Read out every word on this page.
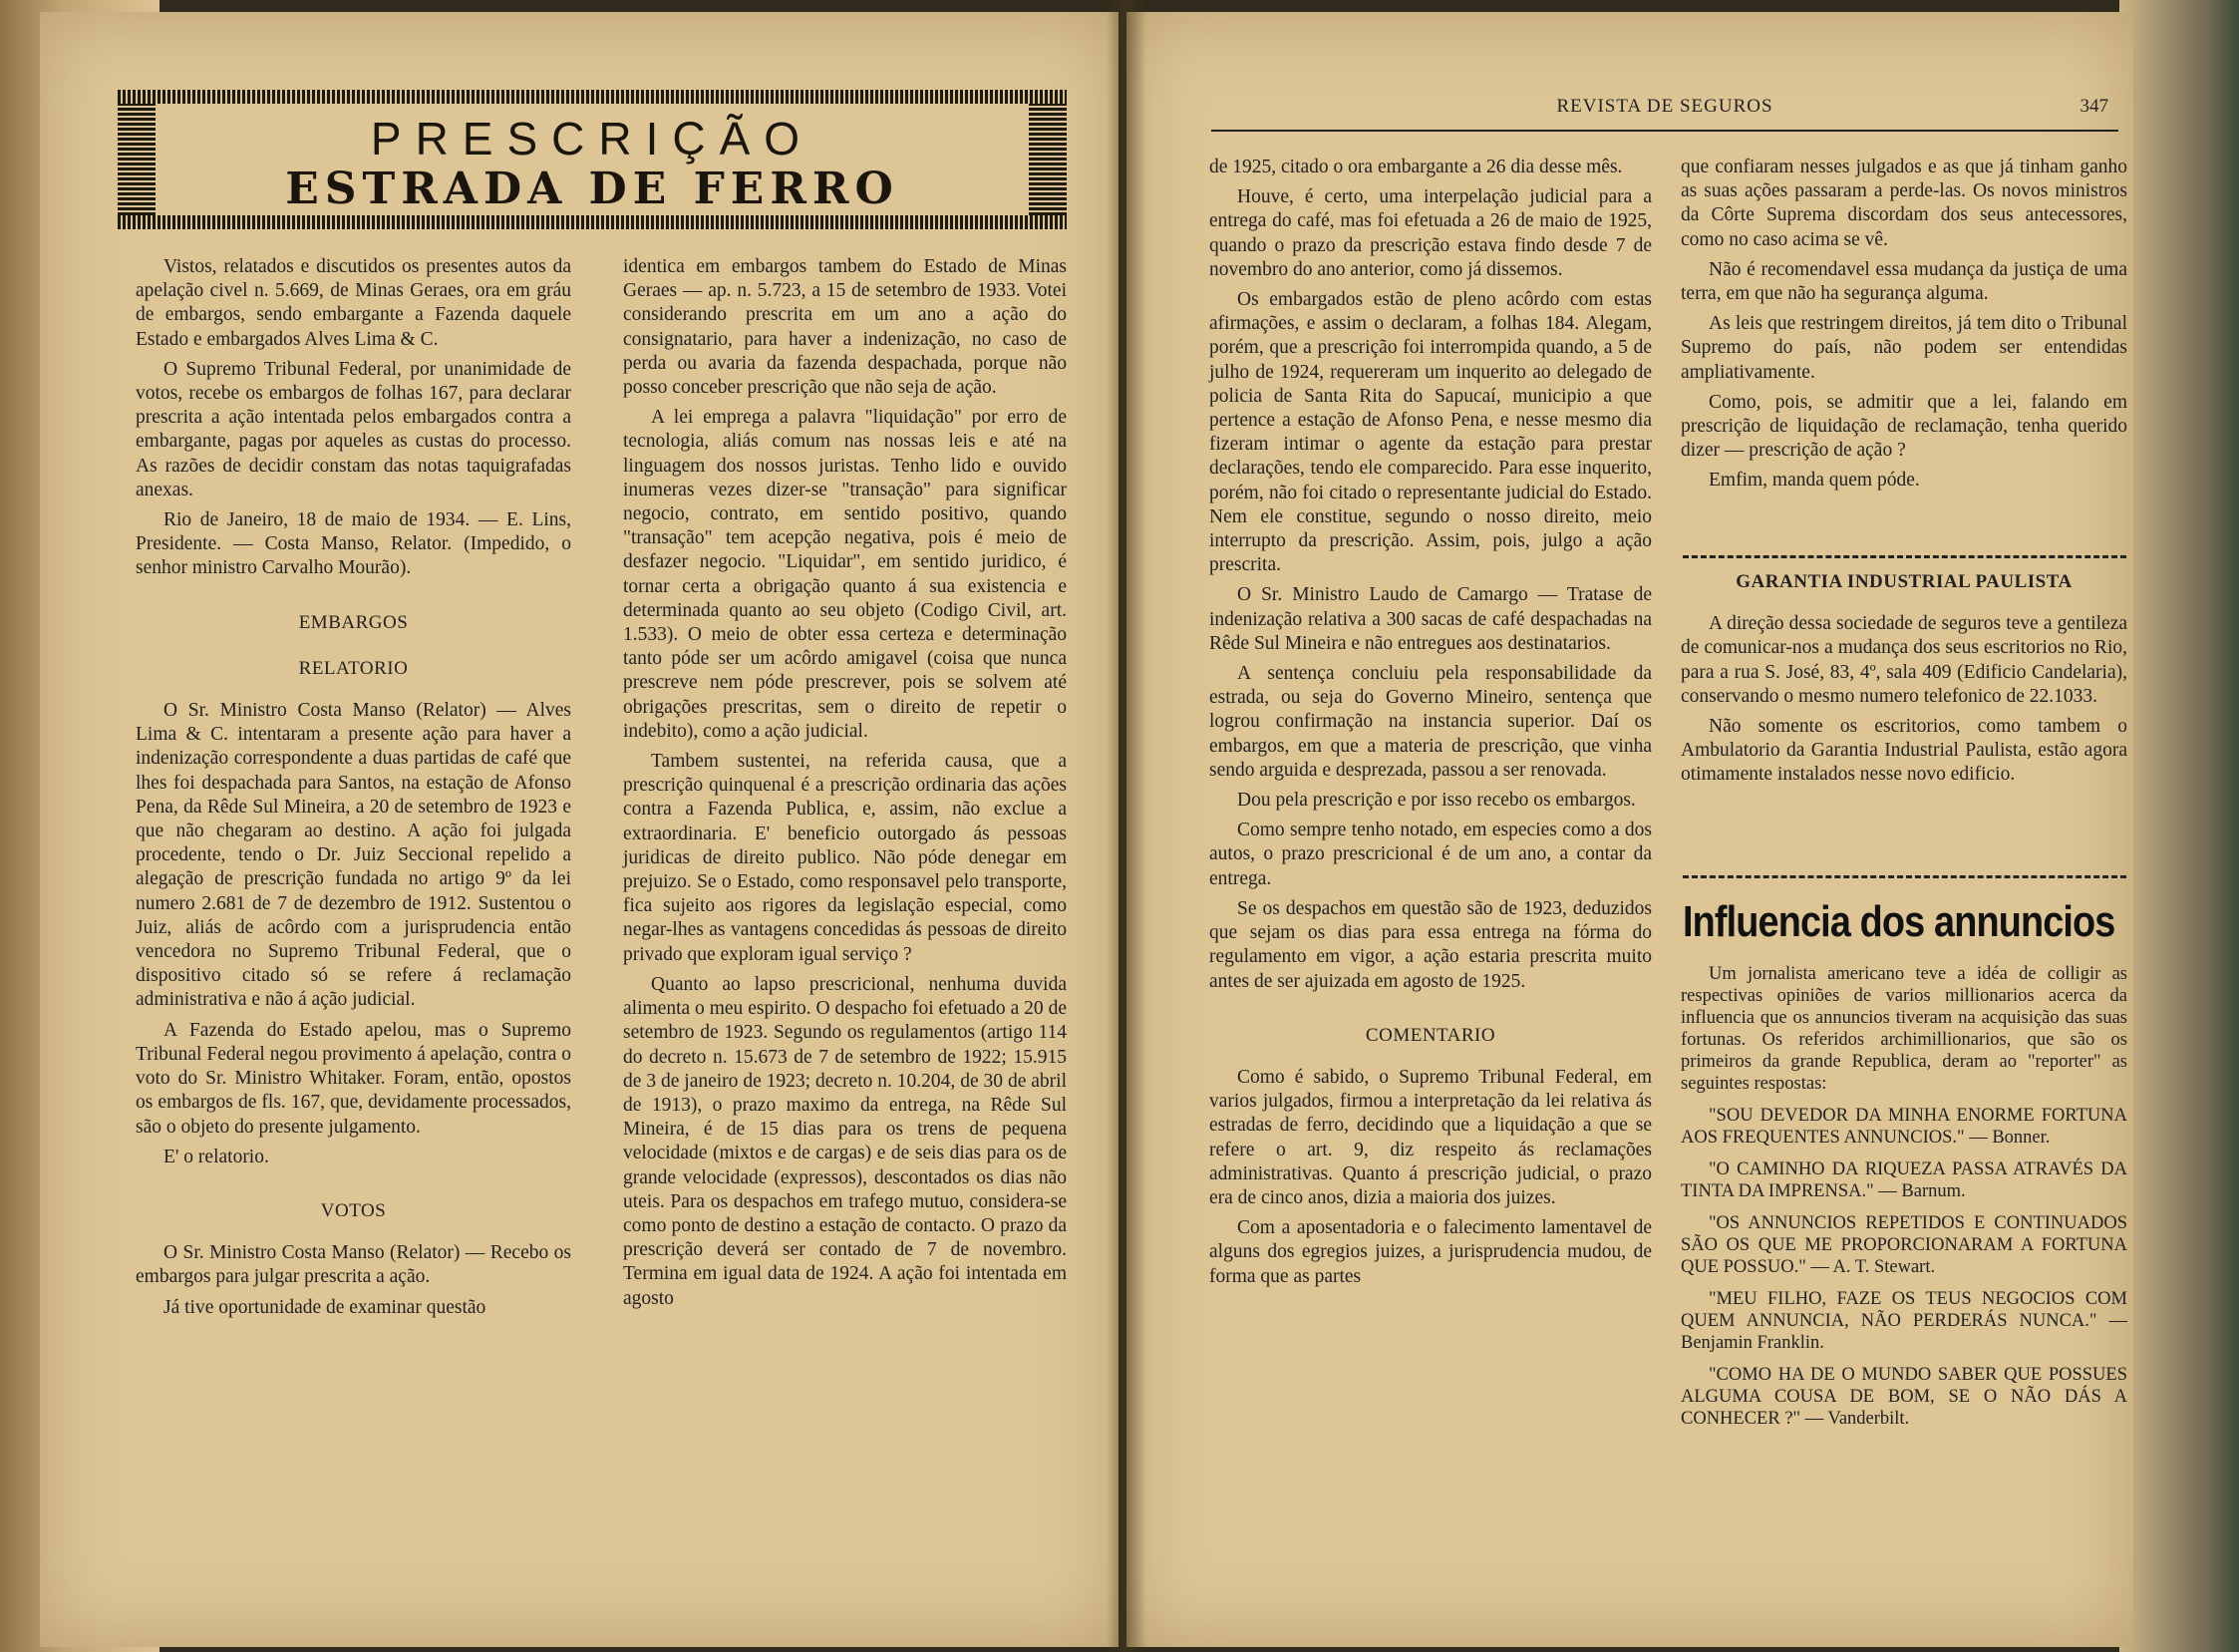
PRESCRIÇÃO
ESTRADA DE FERRO

Vistos, relatados e discutidos os presentes autos da apelação civel n. 5.669, de Minas Geraes, ora em gráu de embargos, sendo embargante a Fazenda daquele Estado e embargados Alves Lima & C.

O Supremo Tribunal Federal, por unanimidade de votos, recebe os embargos de folhas 167, para declarar prescrita a ação intentada pelos embargados contra a embargante, pagas por aqueles as custas do processo. As razões de decidir constam das notas taquigrafadas anexas.

Rio de Janeiro, 18 de maio de 1934. — E. Lins, Presidente. — Costa Manso, Relator. (Impedido, o senhor ministro Carvalho Mourão).

EMBARGOS
RELATORIO

O Sr. Ministro Costa Manso (Relator) — Alves Lima & C. intentaram a presente ação para haver a indenização correspondente a duas partidas de café que lhes foi despachada para Santos, na estação de Afonso Pena, da Rêde Sul Mineira, a 20 de setembro de 1923 e que não chegaram ao destino. A ação foi julgada procedente, tendo o Dr. Juiz Seccional repelido a alegação de prescrição fundada no artigo 9º da lei numero 2.681 de 7 de dezembro de 1912. Sustentou o Juiz, aliás de acôrdo com a jurisprudencia então vencedora no Supremo Tribunal Federal, que o dispositivo citado só se refere á reclamação administrativa e não á ação judicial.

A Fazenda do Estado apelou, mas o Supremo Tribunal Federal negou provimento á apelação, contra o voto do Sr. Ministro Whitaker. Foram, então, opostos os embargos de fls. 167, que, devidamente processados, são o objeto do presente julgamento.

E' o relatorio.

VOTOS

O Sr. Ministro Costa Manso (Relator) — Recebo os embargos para julgar prescrita a ação.

Já tive oportunidade de examinar questão

identica em embargos tambem do Estado de Minas Geraes — ap. n. 5.723, a 15 de setembro de 1933. Votei considerando prescrita em um ano a ação do consignatario, para haver a indenização, no caso de perda ou avaria da fazenda despachada, porque não posso conceber prescrição que não seja de ação.

A lei emprega a palavra "liquidação" por erro de tecnologia, aliás comum nas nossas leis e até na linguagem dos nossos juristas. Tenho lido e ouvido inumeras vezes dizer-se "transação" para significar negocio, contrato, em sentido positivo, quando "transação" tem acepção negativa, pois é meio de desfazer negocio. "Liquidar", em sentido juridico, é tornar certa a obrigação quanto á sua existencia e determinada quanto ao seu objeto (Codigo Civil, art. 1.533). O meio de obter essa certeza e determinação tanto póde ser um acôrdo amigavel (coisa que nunca prescreve nem póde prescrever, pois se solvem até obrigações prescritas, sem o direito de repetir o indebito), como a ação judicial.

Tambem sustentei, na referida causa, que a prescrição quinquenal é a prescrição ordinaria das ações contra a Fazenda Publica, e, assim, não exclue a extraordinaria. E' beneficio outorgado ás pessoas juridicas de direito publico. Não póde denegar em prejuizo. Se o Estado, como responsavel pelo transporte, fica sujeito aos rigores da legislação especial, como negar-lhes as vantagens concedidas ás pessoas de direito privado que exploram igual serviço ?

Quanto ao lapso prescricional, nenhuma duvida alimenta o meu espirito. O despacho foi efetuado a 20 de setembro de 1923. Segundo os regulamentos (artigo 114 do decreto n. 15.673 de 7 de setembro de 1922; 15.915 de 3 de janeiro de 1923; decreto n. 10.204, de 30 de abril de 1913), o prazo maximo da entrega, na Rêde Sul Mineira, é de 15 dias para os trens de pequena velocidade (mixtos e de cargas) e de seis dias para os de grande velocidade (expressos), descontados os dias não uteis. Para os despachos em trafego mutuo, considera-se como ponto de destino a estação de contacto. O prazo da prescrição deverá ser contado de 7 de novembro. Termina em igual data de 1924. A ação foi intentada em agosto

REVISTA DE SEGUROS	347

de 1925, citado o ora embargante a 26 dia desse mês.

Houve, é certo, uma interpelação judicial para a entrega do café, mas foi efetuada a 26 de maio de 1925, quando o prazo da prescrição estava findo desde 7 de novembro do ano anterior, como já dissemos.

Os embargados estão de pleno acôrdo com estas afirmações, e assim o declaram, a folhas 184. Alegam, porém, que a prescrição foi interrompida quando, a 5 de julho de 1924, requereram um inquerito ao delegado de policia de Santa Rita do Sapucaí, municipio a que pertence a estação de Afonso Pena, e nesse mesmo dia fizeram intimar o agente da estação para prestar declarações, tendo ele comparecido. Para esse inquerito, porém, não foi citado o representante judicial do Estado. Nem ele constitue, segundo o nosso direito, meio interrupto da prescrição. Assim, pois, julgo a ação prescrita.

O Sr. Ministro Laudo de Camargo — Tratase de indenização relativa a 300 sacas de café despachadas na Rêde Sul Mineira e não entregues aos destinatarios.

A sentença concluiu pela responsabilidade da estrada, ou seja do Governo Mineiro, sentença que logrou confirmação na instancia superior. Daí os embargos, em que a materia de prescrição, que vinha sendo arguida e desprezada, passou a ser renovada.

Dou pela prescrição e por isso recebo os embargos.

Como sempre tenho notado, em especies como a dos autos, o prazo prescricional é de um ano, a contar da entrega.

Se os despachos em questão são de 1923, deduzidos que sejam os dias para essa entrega na fórma do regulamento em vigor, a ação estaria prescrita muito antes de ser ajuizada em agosto de 1925.

COMENTARIO

Como é sabido, o Supremo Tribunal Federal, em varios julgados, firmou a interpretação da lei relativa ás estradas de ferro, decidindo que a liquidação a que se refere o art. 9, diz respeito ás reclamações administrativas. Quanto á prescrição judicial, o prazo era de cinco anos, dizia a maioria dos juizes.

Com a aposentadoria e o falecimento lamentavel de alguns dos egregios juizes, a jurisprudencia mudou, de forma que as partes

que confiaram nesses julgados e as que já tinham ganho as suas ações passaram a perde-las. Os novos ministros da Côrte Suprema discordam dos seus antecessores, como no caso acima se vê.

Não é recomendavel essa mudança da justiça de uma terra, em que não ha segurança alguma.

As leis que restringem direitos, já tem dito o Tribunal Supremo do país, não podem ser entendidas ampliativamente.

Como, pois, se admitir que a lei, falando em prescrição de liquidação de reclamação, tenha querido dizer — prescrição de ação ?

Emfim, manda quem póde.

GARANTIA INDUSTRIAL PAULISTA

A direção dessa sociedade de seguros teve a gentileza de comunicar-nos a mudança dos seus escritorios no Rio, para a rua S. José, 83, 4º, sala 409 (Edificio Candelaria), conservando o mesmo numero telefonico de 22.1033.

Não somente os escritorios, como tambem o Ambulatorio da Garantia Industrial Paulista, estão agora otimamente instalados nesse novo edificio.

Influencia dos annuncios

Um jornalista americano teve a idéa de colligir as respectivas opiniões de varios millionarios acerca da influencia que os annuncios tiveram na acquisição das suas fortunas. Os referidos archimillionarios, que são os primeiros da grande Republica, deram ao "reporter" as seguintes respostas:

"SOU DEVEDOR DA MINHA ENORME FORTUNA AOS FREQUENTES ANNUNCIOS." — Bonner.

"O CAMINHO DA RIQUEZA PASSA ATRAVÉS DA TINTA DA IMPRENSA." — Barnum.

"OS ANNUNCIOS REPETIDOS E CONTINUADOS SÃO OS QUE ME PROPORCIONARAM A FORTUNA QUE POSSUO." — A. T. Stewart.

"MEU FILHO, FAZE OS TEUS NEGOCIOS COM QUEM ANNUNCIA, NÃO PERDERÁS NUNCA." — Benjamin Franklin.

"COMO HA DE O MUNDO SABER QUE POSSUES ALGUMA COUSA DE BOM, SE O NÃO DÁS A CONHECER ?" — Vanderbilt.
